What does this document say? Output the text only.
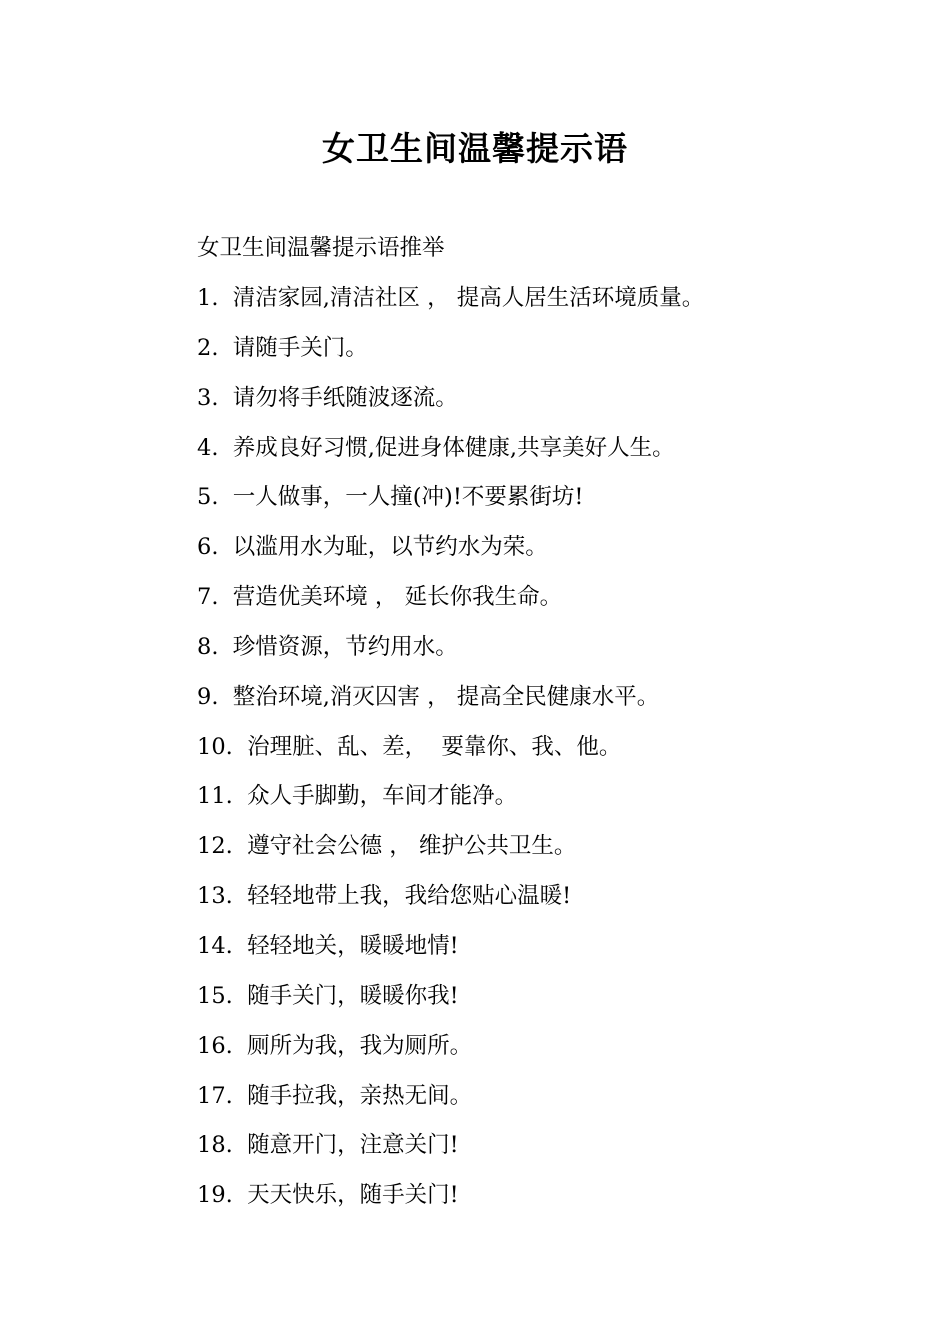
女卫生间温馨提示语
女卫生间温馨提示语推举
1.  清洁家园,清洁社区 ， 提高人居生活环境质量。
2.  请随手关门。
3.  请勿将手纸随波逐流。
4.  养成良好习惯,促进身体健康,共享美好人生。
5.  一人做事，一人撞(冲)!不要累街坊!
6.  以滥用水为耻，以节约水为荣。
7.  营造优美环境 ， 延长你我生命。
8.  珍惜资源，节约用水。
9.  整治环境,消灭囚害 ， 提高全民健康水平。
10.  治理脏、乱、差，  要靠你、我、他。
11.  众人手脚勤，车间才能净。
12.  遵守社会公德 ， 维护公共卫生。
13.  轻轻地带上我，我给您贴心温暖!
14.  轻轻地关，暖暖地情!
15.  随手关门，暖暖你我!
16.  厕所为我，我为厕所。
17.  随手拉我，亲热无间。
18.  随意开门，注意关门!
19.  天天快乐，随手关门!
